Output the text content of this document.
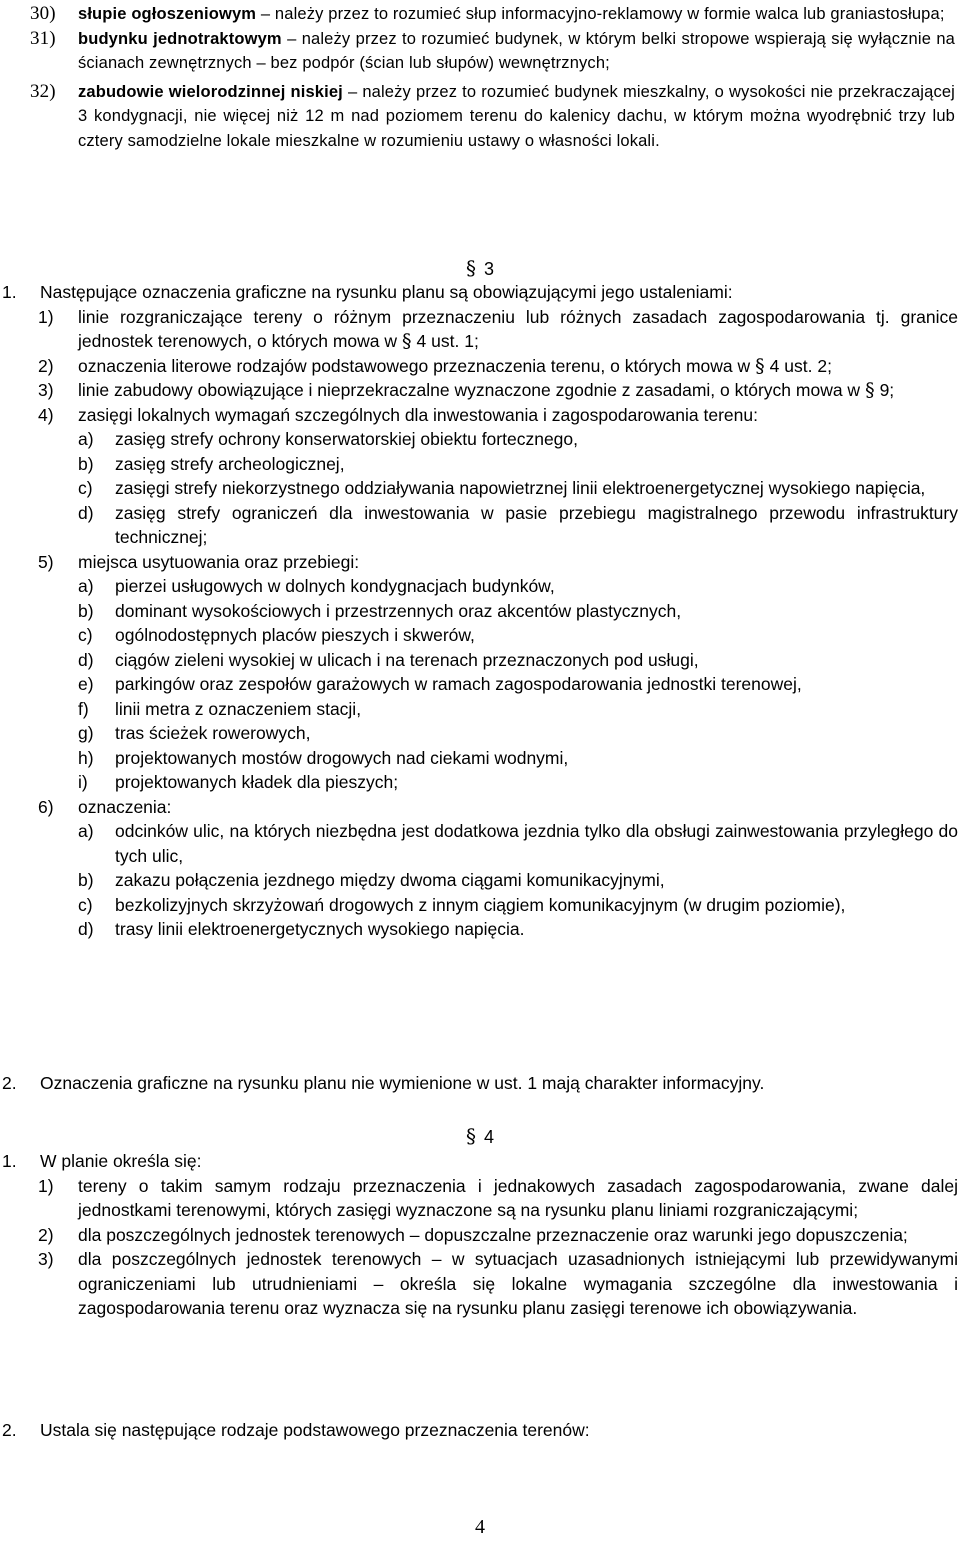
30)	słupie ogłoszeniowym – należy przez to rozumieć słup informacyjno-reklamowy w formie walca lub graniastosłupa;
31)	budynku jednotraktowym – należy przez to rozumieć budynek, w którym belki stropowe wspierają się wyłącznie na ścianach zewnętrznych – bez podpór (ścian lub słupów) wewnętrznych;
32)	zabudowie wielorodzinnej niskiej – należy przez to rozumieć budynek mieszkalny, o wysokości nie przekraczającej 3 kondygnacji, nie więcej niż 12 m nad poziomem terenu do kalenicy dachu, w którym można wyodrębnić trzy lub cztery samodzielne lokale mieszkalne w rozumieniu ustawy o własności lokali.
§ 3
1.	Następujące oznaczenia graficzne na rysunku planu są obowiązującymi jego ustaleniami:
1)	linie rozgraniczające tereny o różnym przeznaczeniu lub różnych zasadach zagospodarowania tj. granice jednostek terenowych, o których mowa w § 4 ust. 1;
2)	oznaczenia literowe rodzajów podstawowego przeznaczenia terenu, o których mowa w § 4 ust. 2;
3)	linie zabudowy obowiązujące i nieprzekraczalne wyznaczone zgodnie z zasadami, o których mowa w § 9;
4)	zasięgi lokalnych wymagań szczególnych dla inwestowania i zagospodarowania terenu:
a)	zasięg strefy ochrony konserwatorskiej obiektu fortecznego,
b)	zasięg strefy archeologicznej,
c)	zasięgi strefy niekorzystnego oddziaływania napowietrznej linii elektroenergetycznej wysokiego napięcia,
d)	zasięg strefy ograniczeń dla inwestowania w pasie przebiegu magistralnego przewodu infrastruktury technicznej;
5)	miejsca usytuowania oraz przebiegi:
a)	pierzei usługowych w dolnych kondygnacjach budynków,
b)	dominant wysokościowych i przestrzennych oraz akcentów plastycznych,
c)	ogólnodostępnych placów pieszych i skwerów,
d)	ciągów zieleni wysokiej w ulicach i na terenach przeznaczonych pod usługi,
e)	parkingów oraz zespołów garażowych w ramach zagospodarowania jednostki terenowej,
f)	linii metra z oznaczeniem stacji,
g)	tras ścieżek rowerowych,
h)	projektowanych mostów drogowych nad ciekami wodnymi,
i)	projektowanych kładek dla pieszych;
6)	oznaczenia:
a)	odcinków ulic, na których niezbędna jest dodatkowa jezdnia tylko dla obsługi zainwestowania przyległego do tych ulic,
b)	zakazu połączenia jezdnego między dwoma ciągami komunikacyjnymi,
c)	bezkolizyjnych skrzyżowań drogowych z innym ciągiem komunikacyjnym (w drugim poziomie),
d)	trasy linii elektroenergetycznych wysokiego napięcia.
2.	Oznaczenia graficzne na rysunku planu nie wymienione w ust. 1 mają charakter informacyjny.
§ 4
1.	W planie określa się:
1)	tereny o takim samym rodzaju przeznaczenia i jednakowych zasadach zagospodarowania, zwane dalej jednostkami terenowymi, których zasięgi wyznaczone są na rysunku planu liniami rozgraniczającymi;
2)	dla poszczególnych jednostek terenowych – dopuszczalne przeznaczenie oraz warunki jego dopuszczenia;
3)	dla poszczególnych jednostek terenowych – w sytuacjach uzasadnionych istniejącymi lub przewidywanymi ograniczeniami lub utrudnieniami – określa się lokalne wymagania szczególne dla inwestowania i zagospodarowania terenu oraz wyznacza się na rysunku planu zasięgi terenowe ich obowiązywania.
2.	Ustala się następujące rodzaje podstawowego przeznaczenia terenów:
4
